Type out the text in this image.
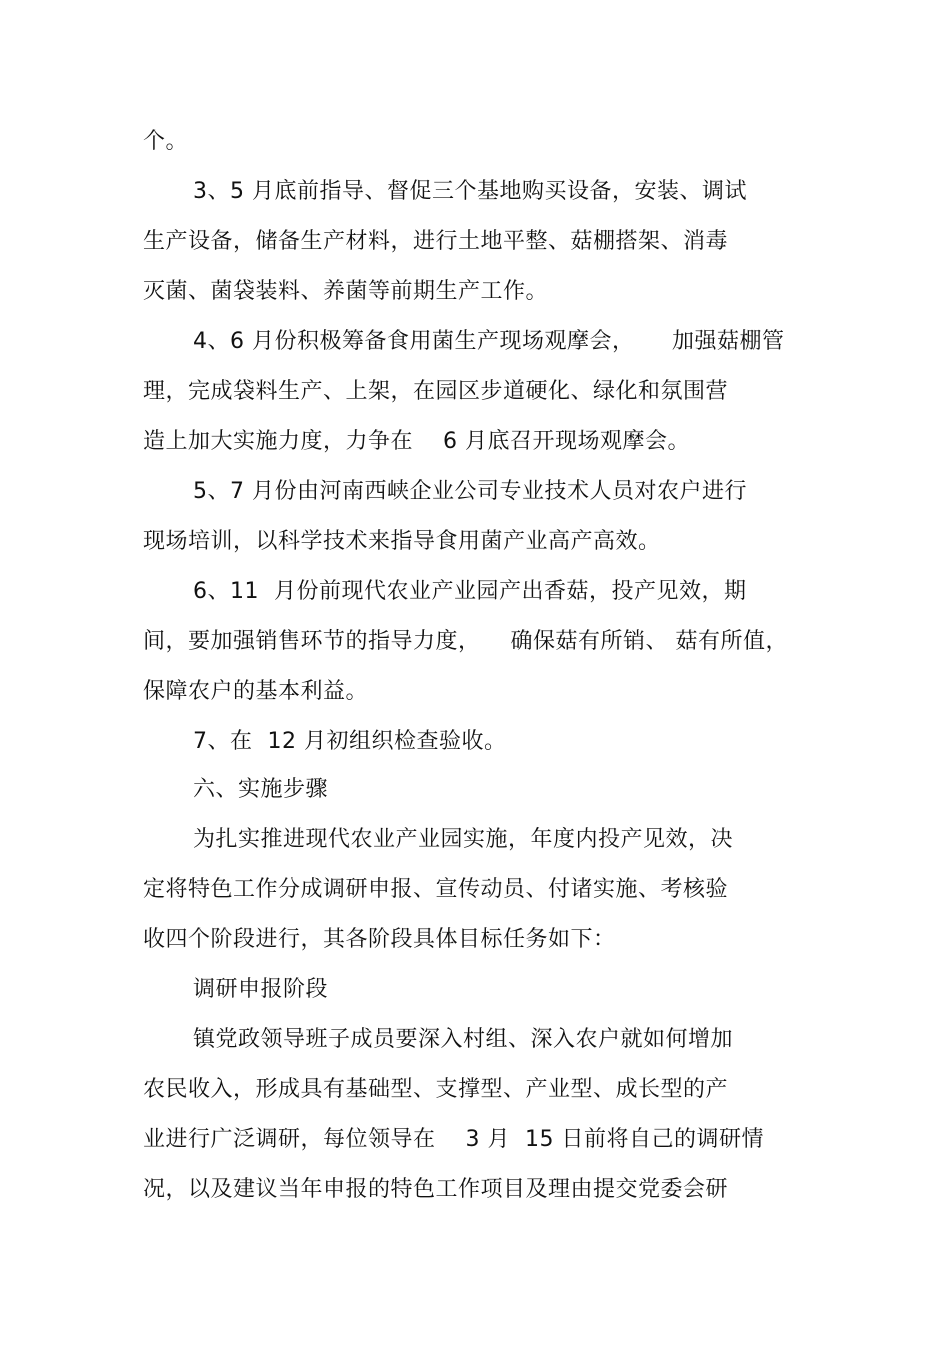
个。
3、5 月底前指导、督促三个基地购买设备，安装、调试
生产设备，储备生产材料，进行土地平整、菇棚搭架、消毒
灭菌、菌袋装料、养菌等前期生产工作。
4、6 月份积极筹备食用菌生产现场观摩会，     加强菇棚管
理，完成袋料生产、上架，在园区步道硬化、绿化和氛围营
造上加大实施力度，力争在    6 月底召开现场观摩会。
5、7 月份由河南西峡企业公司专业技术人员对农户进行
现场培训，以科学技术来指导食用菌产业高产高效。
6、11  月份前现代农业产业园产出香菇，投产见效，期
间，要加强销售环节的指导力度，    确保菇有所销、 菇有所值，
保障农户的基本利益。
7、在  12 月初组织检查验收。
六、实施步骤
为扎实推进现代农业产业园实施，年度内投产见效，决
定将特色工作分成调研申报、宣传动员、付诸实施、考核验
收四个阶段进行，其各阶段具体目标任务如下：
调研申报阶段
镇党政领导班子成员要深入村组、深入农户就如何增加
农民收入，形成具有基础型、支撑型、产业型、成长型的产
业进行广泛调研，每位领导在    3 月  15 日前将自己的调研情
况，以及建议当年申报的特色工作项目及理由提交党委会研
